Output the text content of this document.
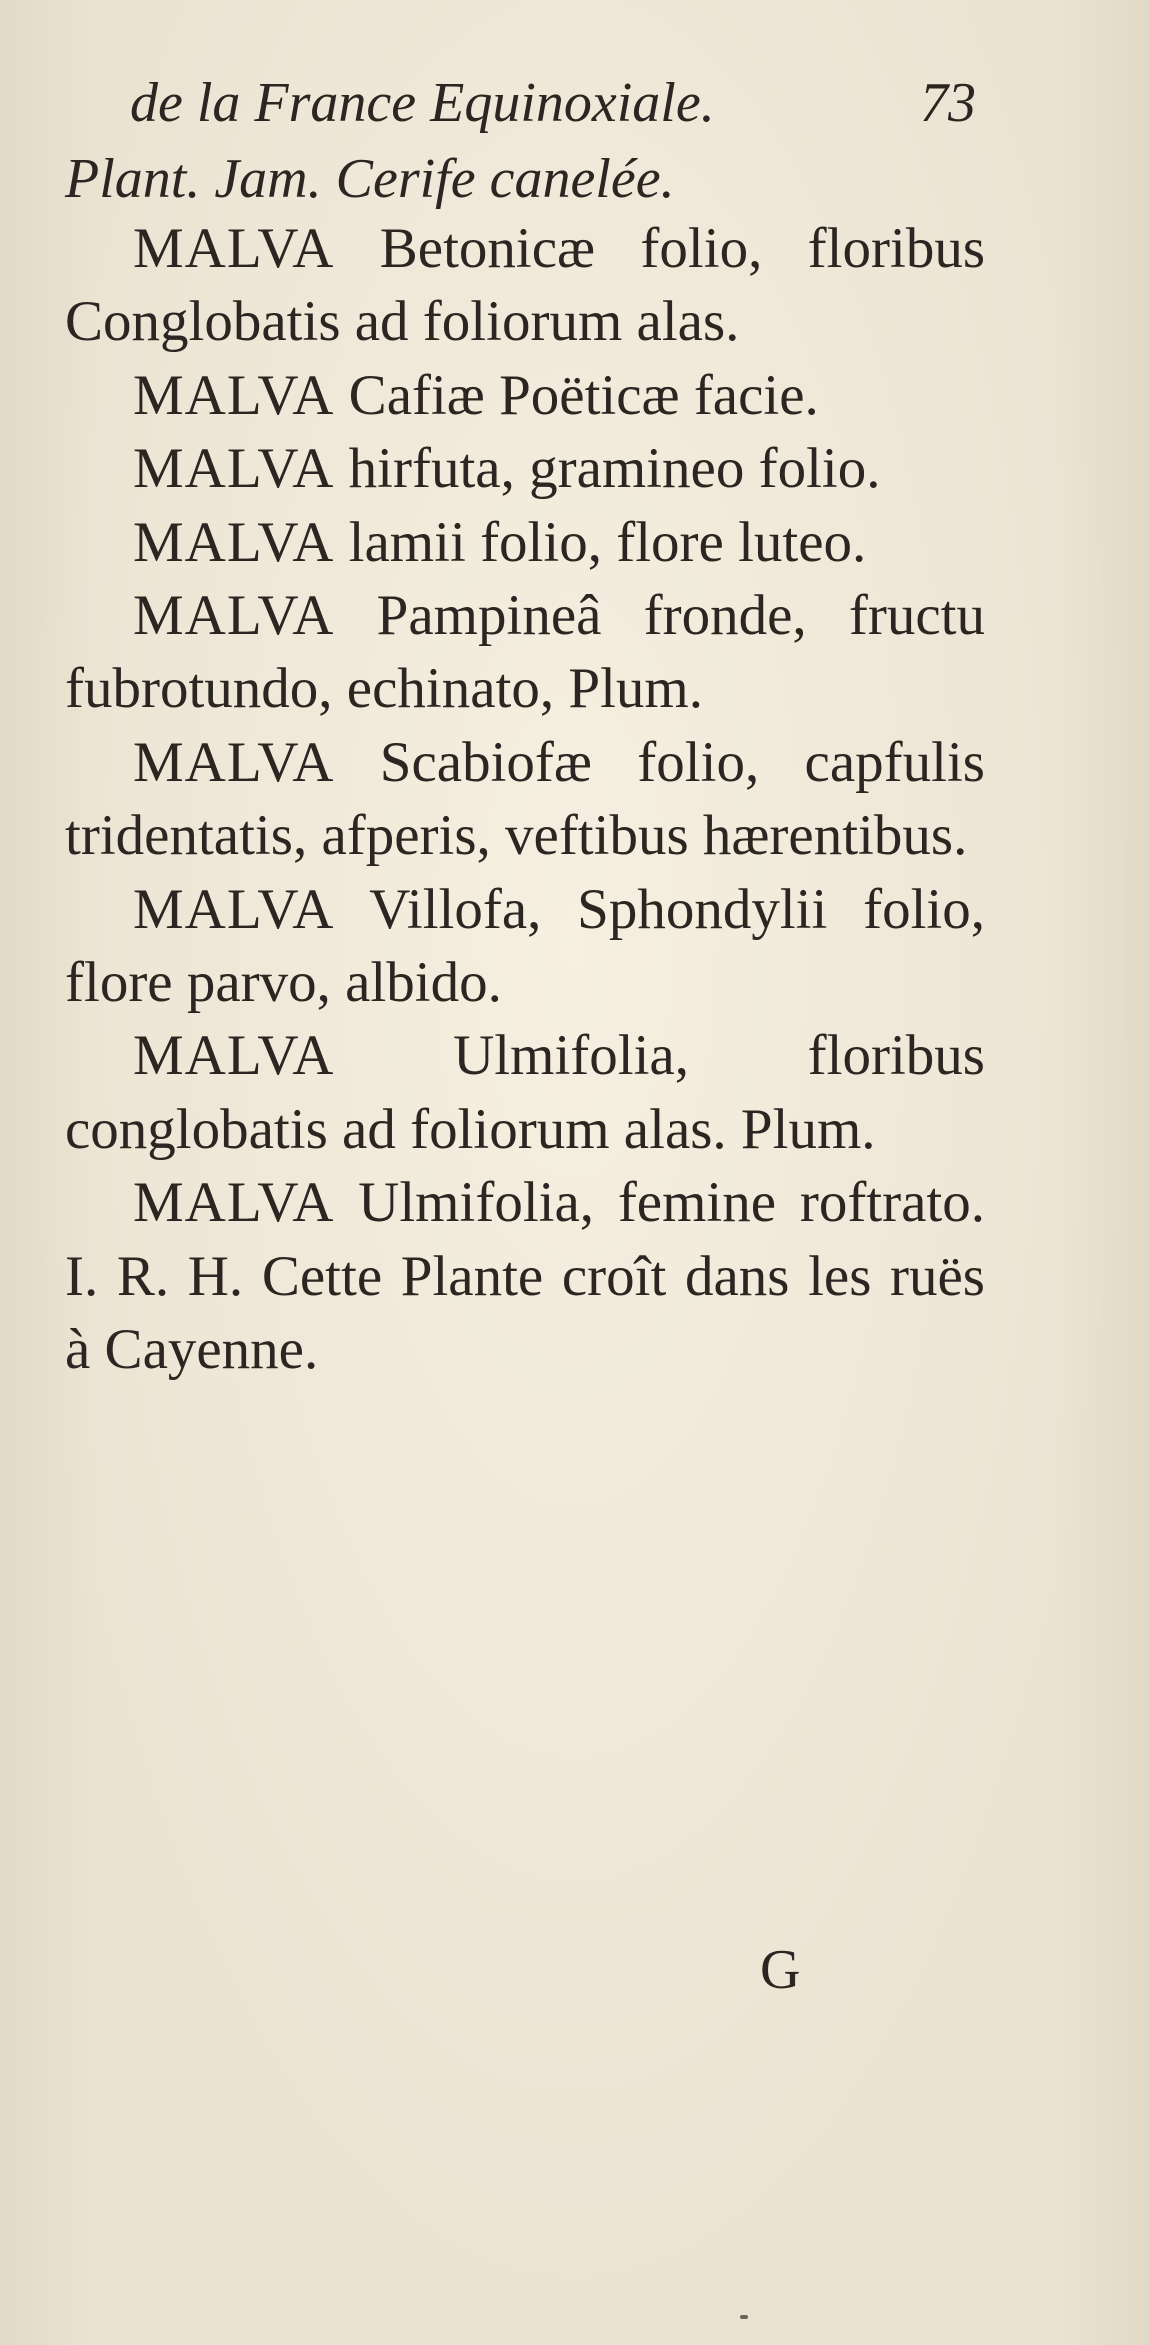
de la France Equinoxiale.	73
Plant. Jam. Cerife canelée.

MALVA Betonicæ folio, floribus Conglobatis ad foliorum alas.

MALVA Cafiæ Poëticæ facie.

MALVA hirfuta, gramineo folio.

MALVA lamii folio, flore luteo.

MALVA Pampineâ fronde, fructu fubrotundo, echinato, Plum.

MALVA Scabiofæ folio, capfulis tridentatis, afperis, veftibus hærentibus.

MALVA Villofa, Sphondylii folio, flore parvo, albido.

MALVA Ulmifolia, floribus conglobatis ad foliorum alas. Plum.

MALVA Ulmifolia, femine roftrato. I. R. H. Cette Plante croît dans les ruës à Cayenne.

G
